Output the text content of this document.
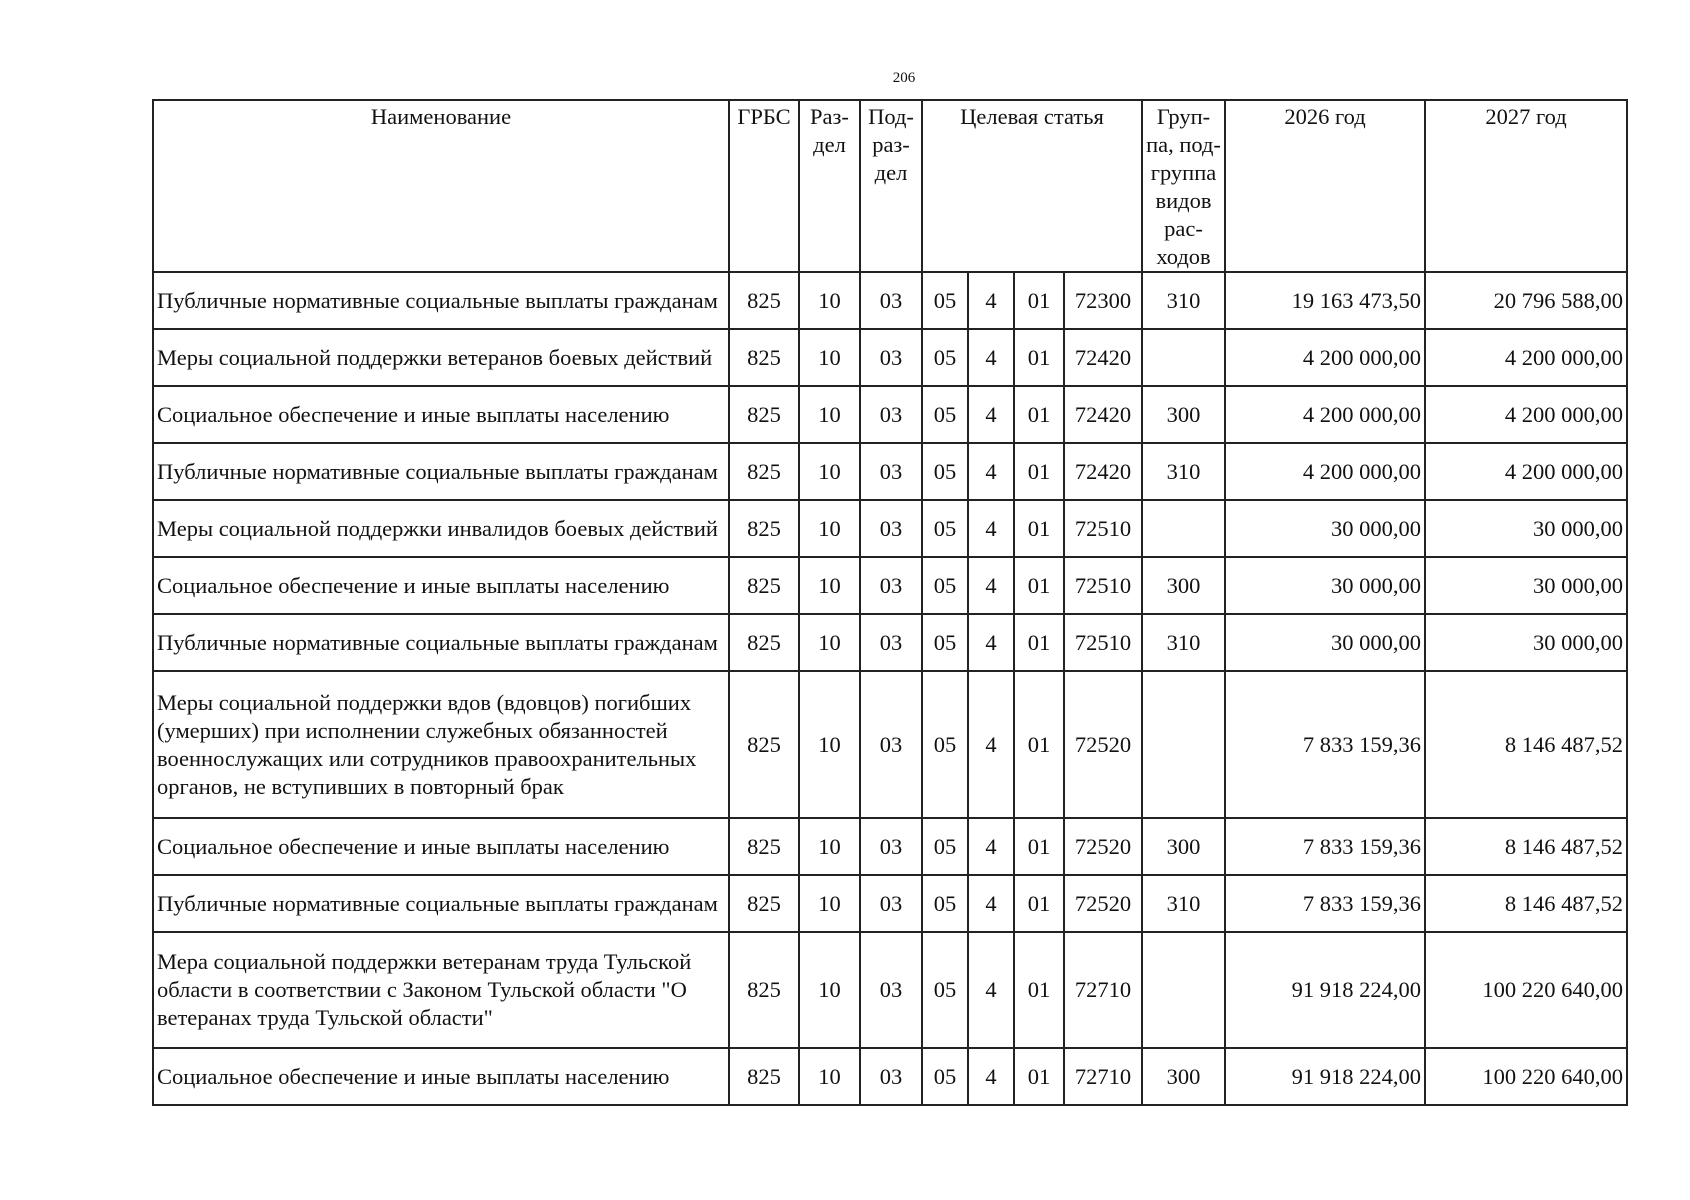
206
Наименование	ГРБС	Раз-дел	Под-раз-дел	Целевая статья				Груп-па, под-группа видов рас-ходов	2026 год	2027 год
Публичные нормативные социальные выплаты гражданам	825	10	03	05	4	01	72300	310	19 163 473,50	20 796 588,00
Меры социальной поддержки ветеранов боевых действий	825	10	03	05	4	01	72420		4 200 000,00	4 200 000,00
Социальное обеспечение и иные выплаты населению	825	10	03	05	4	01	72420	300	4 200 000,00	4 200 000,00
Публичные нормативные социальные выплаты гражданам	825	10	03	05	4	01	72420	310	4 200 000,00	4 200 000,00
Меры социальной поддержки инвалидов боевых действий	825	10	03	05	4	01	72510		30 000,00	30 000,00
Социальное обеспечение и иные выплаты населению	825	10	03	05	4	01	72510	300	30 000,00	30 000,00
Публичные нормативные социальные выплаты гражданам	825	10	03	05	4	01	72510	310	30 000,00	30 000,00
Меры социальной поддержки вдов (вдовцов) погибших (умерших) при исполнении служебных обязанностей военнослужащих или сотрудников правоохранительных органов, не вступивших в повторный брак	825	10	03	05	4	01	72520		7 833 159,36	8 146 487,52
Социальное обеспечение и иные выплаты населению	825	10	03	05	4	01	72520	300	7 833 159,36	8 146 487,52
Публичные нормативные социальные выплаты гражданам	825	10	03	05	4	01	72520	310	7 833 159,36	8 146 487,52
Мера социальной поддержки ветеранам труда Тульской области в соответствии с Законом Тульской области "О ветеранах труда Тульской области"	825	10	03	05	4	01	72710		91 918 224,00	100 220 640,00
Социальное обеспечение и иные выплаты населению	825	10	03	05	4	01	72710	300	91 918 224,00	100 220 640,00
